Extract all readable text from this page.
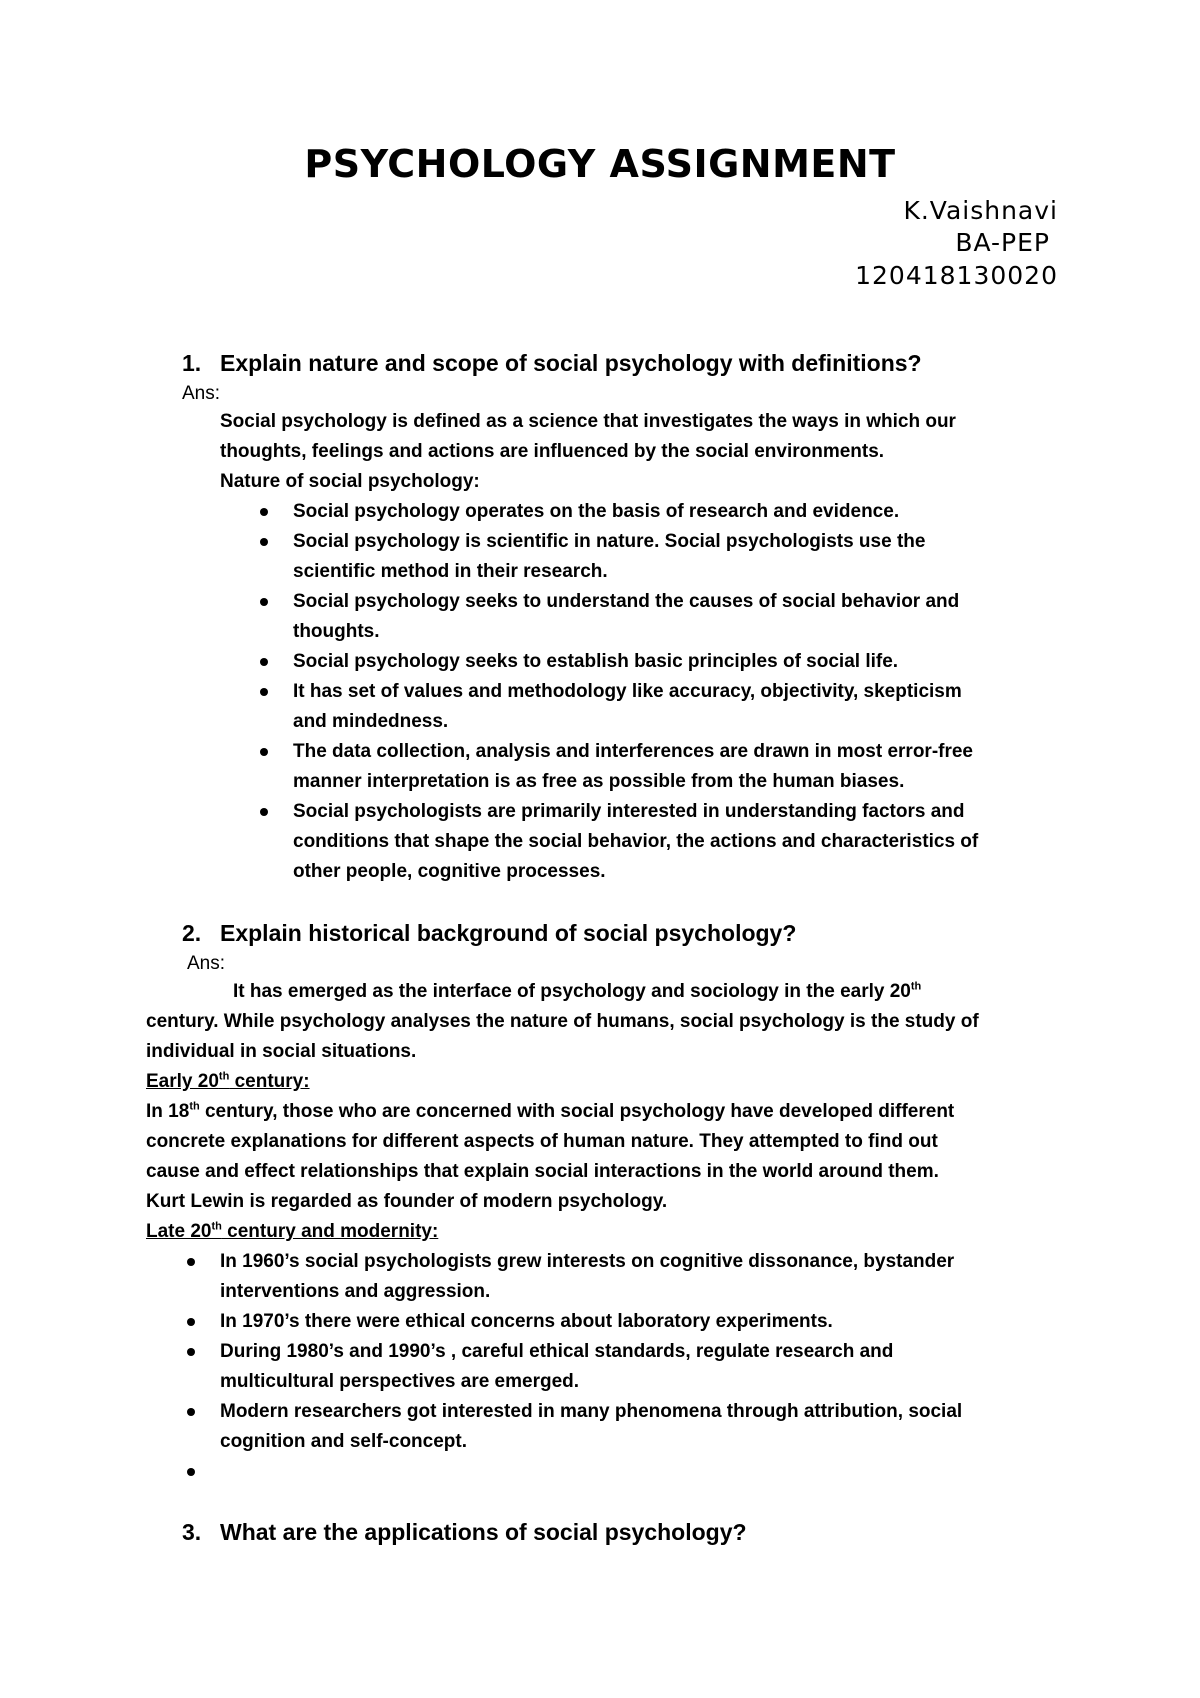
PSYCHOLOGY ASSIGNMENT
K.Vaishnavi
BA-PEP
120418130020
1. Explain nature and scope of social psychology with definitions?
Ans:

Social psychology is defined as a science that investigates the ways in which our

thoughts, feelings and actions are influenced by the social environments.

Nature of social psychology:

Social psychology operates on the basis of research and evidence.
Social psychology is scientific in nature. Social psychologists use the
scientific method in their research.
Social psychology seeks to understand the causes of social behavior and
thoughts.
Social psychology seeks to establish basic principles of social life.
It has set of values and methodology like accuracy, objectivity, skepticism
and mindedness.
The data collection, analysis and interferences are drawn in most error-free
manner interpretation is as free as possible from the human biases.
Social psychologists are primarily interested in understanding factors and
conditions that shape the social behavior, the actions and characteristics of
other people, cognitive processes.
2. Explain historical background of social psychology?
Ans:

It has emerged as the interface of psychology and sociology in the early 20th

century. While psychology analyses the nature of humans, social psychology is the study of

individual in social situations.

Early 20th century:

In 18th century, those who are concerned with social psychology have developed different

concrete explanations for different aspects of human nature. They attempted to find out

cause and effect relationships that explain social interactions in the world around them.

Kurt Lewin is regarded as founder of modern psychology.

Late 20th century and modernity:

In 1960’s social psychologists grew interests on cognitive dissonance, bystander
interventions and aggression.
In 1970’s there were ethical concerns about laboratory experiments.
During 1980’s and 1990’s , careful ethical standards, regulate research and
multicultural perspectives are emerged.
Modern researchers got interested in many phenomena through attribution, social
cognition and self-concept.
3. What are the applications of social psychology?
